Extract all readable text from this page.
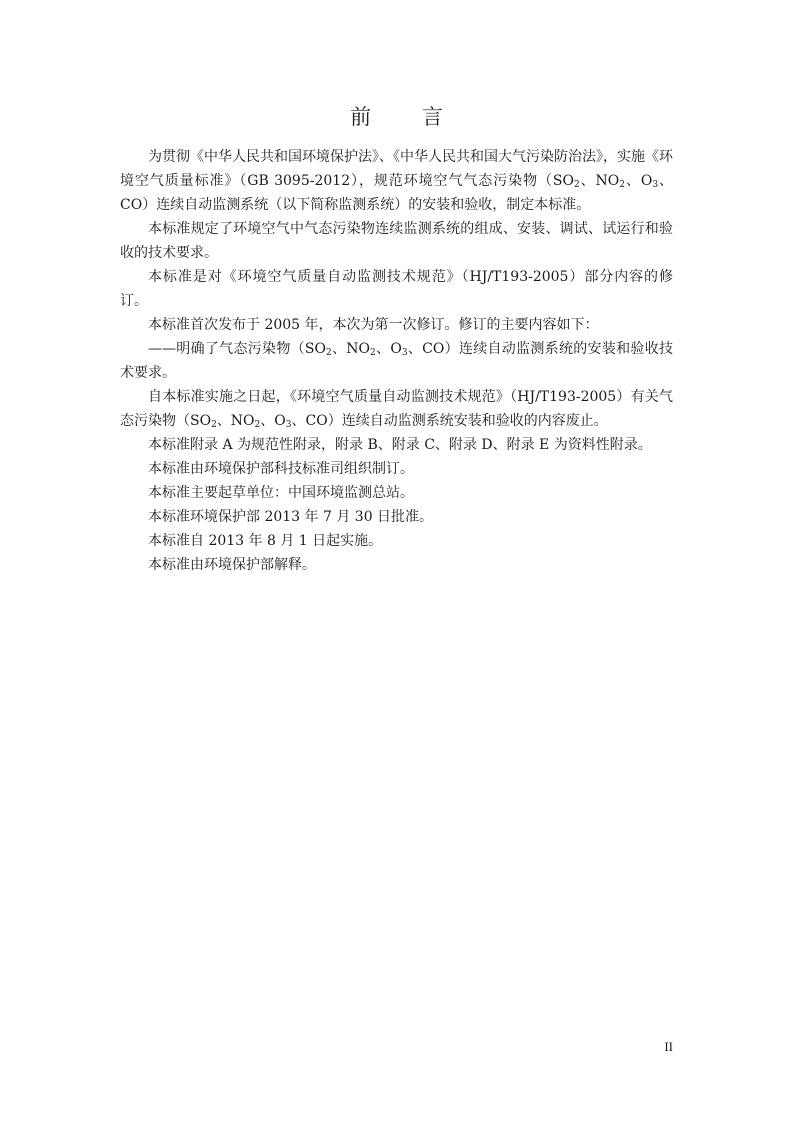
前 言

为贯彻《中华人民共和国环境保护法》、《中华人民共和国大气污染防治法》，实施《环境空气质量标准》（GB 3095-2012），规范环境空气气态污染物（$SO_2$、$NO_2$、$O_3$、CO）连续自动监测系统（以下简称监测系统）的安装和验收，制定本标准。

本标准规定了环境空气中气态污染物连续监测系统的组成、安装、调试、试运行和验收的技术要求。

本标准是对《环境空气质量自动监测技术规范》（HJ/T193-2005）部分内容的修订。

本标准首次发布于 2005 年，本次为第一次修订。修订的主要内容如下：

——明确了气态污染物（$SO_2$、$NO_2$、$O_3$、CO）连续自动监测系统的安装和验收技术要求。

自本标准实施之日起，《环境空气质量自动监测技术规范》（HJ/T193-2005）有关气态污染物（$SO_2$、$NO_2$、$O_3$、CO）连续自动监测系统安装和验收的内容废止。

本标准附录 A 为规范性附录，附录 B、附录 C、附录 D、附录 E 为资料性附录。

本标准由环境保护部科技标准司组织制订。

本标准主要起草单位：中国环境监测总站。

本标准环境保护部 2013 年 7 月 30 日批准。

本标准自 2013 年 8 月 1 日起实施。

本标准由环境保护部解释。

II
